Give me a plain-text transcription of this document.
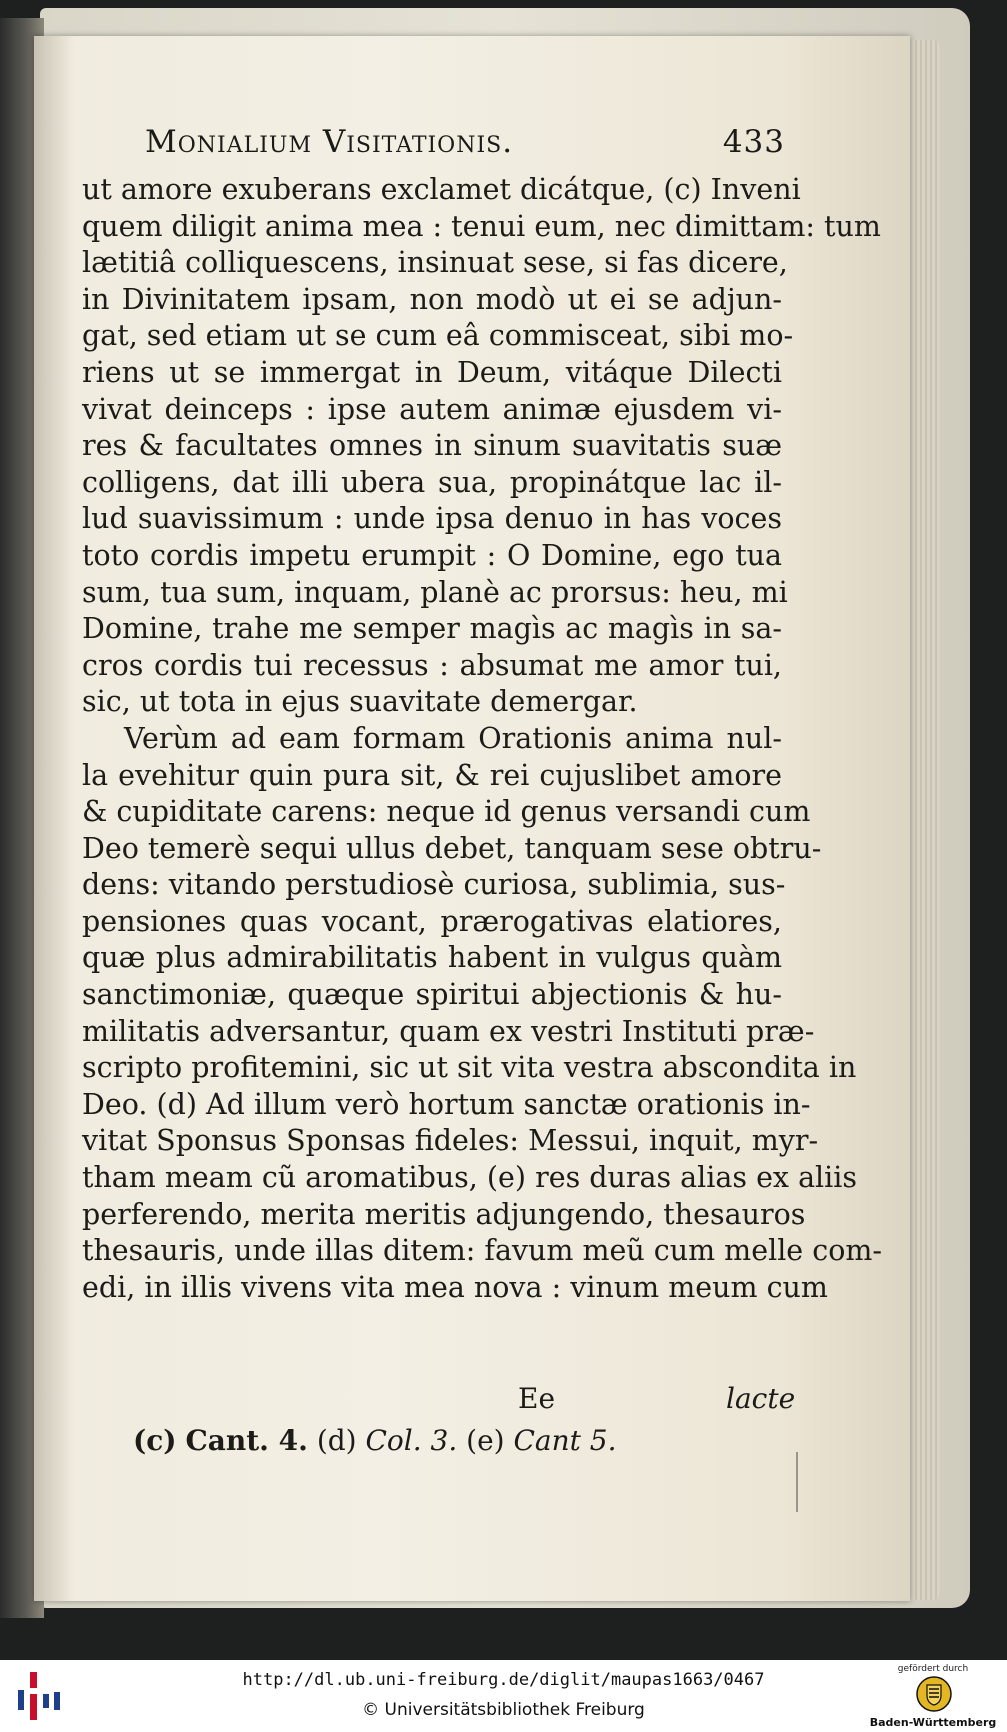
Monialium Visitationis.	433
ut amore exuberans exclamet dicátque, (c) Inveni
quem diligit anima mea : tenui eum, nec dimittam: tum
lætitiâ colliquescens, insinuat sese, si fas dicere,
in Divinitatem ipsam, non modò ut ei se adjun-
gat, sed etiam ut se cum eâ commisceat, sibi mo-
riens ut se immergat in Deum, vitáque Dilecti
vivat deinceps : ipse autem animæ ejusdem vi-
res & facultates omnes in sinum suavitatis suæ
colligens, dat illi ubera sua, propinátque lac il-
lud suavissimum : unde ipsa denuo in has voces
toto cordis impetu erumpit : O Domine, ego tua
sum, tua sum, inquam, planè ac prorsus: heu, mi
Domine, trahe me semper magìs ac magìs in sa-
cros cordis tui recessus : absumat me amor tui,
sic, ut tota in ejus suavitate demergar.
Verùm ad eam formam Orationis anima nul-
la evehitur quin pura sit, & rei cujuslibet amore
& cupiditate carens: neque id genus versandi cum
Deo temerè sequi ullus debet, tanquam sese obtru-
dens: vitando perstudiosè curiosa, sublimia, sus-
pensiones quas vocant, prærogativas elatiores,
quæ plus admirabilitatis habent in vulgus quàm
sanctimoniæ, quæque spiritui abjectionis & hu-
militatis adversantur, quam ex vestri Instituti præ-
scripto profitemini, sic ut sit vita vestra abscondita in
Deo. (d) Ad illum verò hortum sanctæ orationis in-
vitat Sponsus Sponsas fideles: Messui, inquit, myr-
tham meam cũ aromatibus, (e) res duras alias ex aliis
perferendo, merita meritis adjungendo, thesauros
thesauris, unde illas ditem: favum meũ cum melle com-
edi, in illis vivens vita mea nova : vinum meum cum
Ee	lacte
(c) Cant. 4. (d) Col. 3. (e) Cant 5.
http://dl.ub.uni-freiburg.de/diglit/maupas1663/0467
© Universitätsbibliothek Freiburg
gefördert durch
Baden-Württemberg
